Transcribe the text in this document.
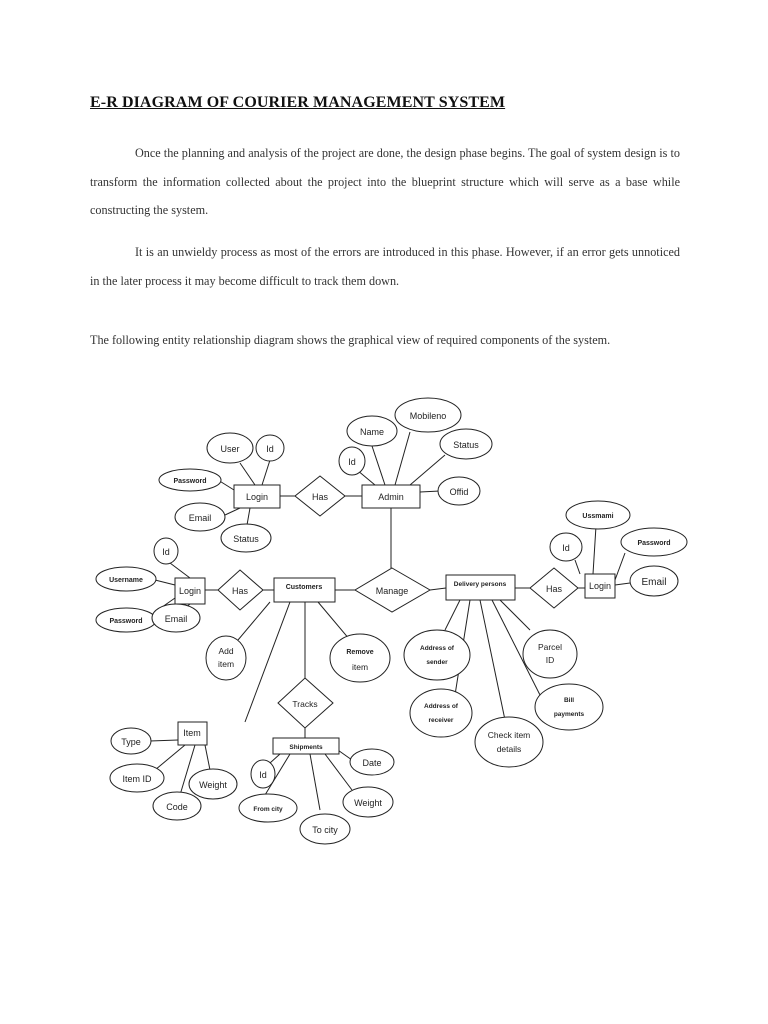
E-R DIAGRAM OF COURIER MANAGEMENT SYSTEM
Once the planning and analysis of the project are done, the design phase begins. The goal of system design is to transform the information collected about the project into the blueprint structure which will serve as a base while constructing the system.
It is an unwieldy process as most of the errors are introduced in this phase. However, if an error gets unnoticed in the later process it may become difficult to track them down.
The following entity relationship diagram shows the graphical view of required components of the system.
User	Id
Password
Email
Status
Login	Has
Name
Mobileno
Id
Status
Offid
Admin
Manage
Id
Username
Password Email
Login	Has	Customers
Add
item
Remove
item
Delivery persons	Has	Login
Ussmami
Id	Password
Email
Address of
sender
Parcel
ID
Address of
receiver
Bill
payments
Check item
details
Tracks
Item
Type
Item ID
Code
Weight
Shipments
Id
Date
From city
To city
Weight
